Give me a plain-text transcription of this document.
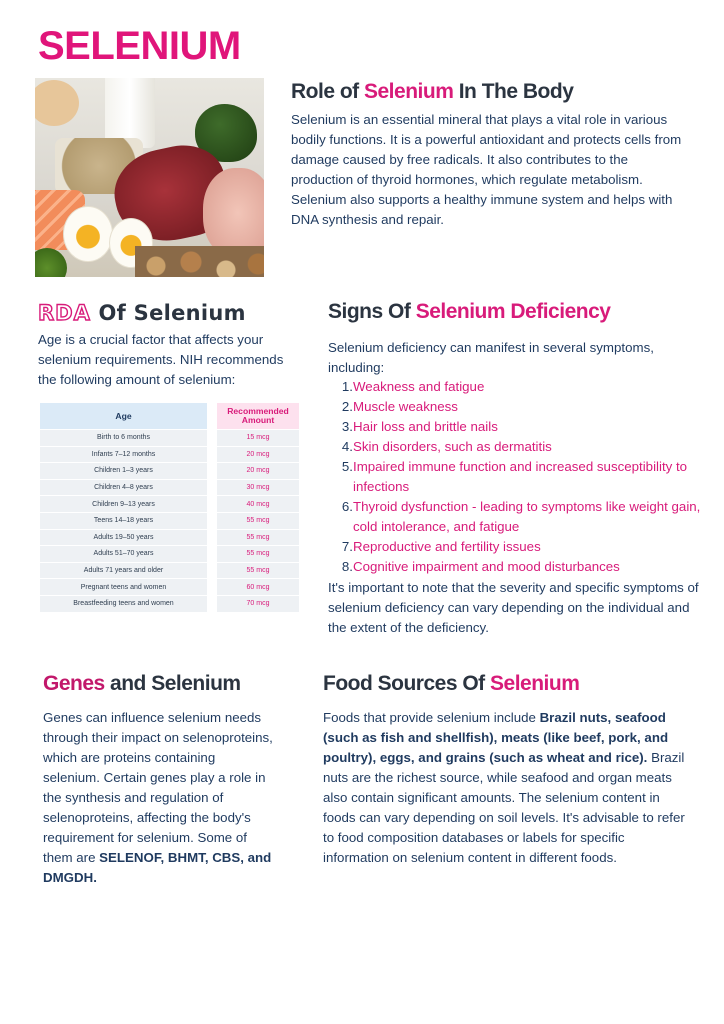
SELENIUM
Role of Selenium In The Body

Selenium is an essential mineral that plays a vital role in various bodily functions. It is a powerful antioxidant and protects cells from damage caused by free radicals. It also contributes to the production of thyroid hormones, which regulate metabolism. Selenium also supports a healthy immune system and helps with DNA synthesis and repair.

RDA Of Selenium

Age is a crucial factor that affects your selenium requirements. NIH recommends the following amount of selenium:

Age	Recommended Amount
Birth to 6 months	15 mcg
Infants 7–12 months	20 mcg
Children 1–3 years	20 mcg
Children 4–8 years	30 mcg
Children 9–13 years	40 mcg
Teens 14–18 years	55 mcg
Adults 19–50 years	55 mcg
Adults 51–70 years	55 mcg
Adults 71 years and older	55 mcg
Pregnant teens and women	60 mcg
Breastfeeding teens and women	70 mcg
Signs Of Selenium Deficiency

Selenium deficiency can manifest in several symptoms, including:

1. Weakness and fatigue
2. Muscle weakness
3. Hair loss and brittle nails
4. Skin disorders, such as dermatitis
5. Impaired immune function and increased susceptibility to infections
6. Thyroid dysfunction - leading to symptoms like weight gain, cold intolerance, and fatigue
7. Reproductive and fertility issues
8. Cognitive impairment and mood disturbances

It's important to note that the severity and specific symptoms of selenium deficiency can vary depending on the individual and the extent of the deficiency.

Genes and Selenium

Genes can influence selenium needs through their impact on selenoproteins, which are proteins containing selenium. Certain genes play a role in the synthesis and regulation of selenoproteins, affecting the body's requirement for selenium. Some of them are SELENOF, BHMT, CBS, and DMGDH.

Food Sources Of Selenium

Foods that provide selenium include Brazil nuts, seafood (such as fish and shellfish), meats (like beef, pork, and poultry), eggs, and grains (such as wheat and rice). Brazil nuts are the richest source, while seafood and organ meats also contain significant amounts. The selenium content in foods can vary depending on soil levels. It's advisable to refer to food composition databases or labels for specific information on selenium content in different foods.
